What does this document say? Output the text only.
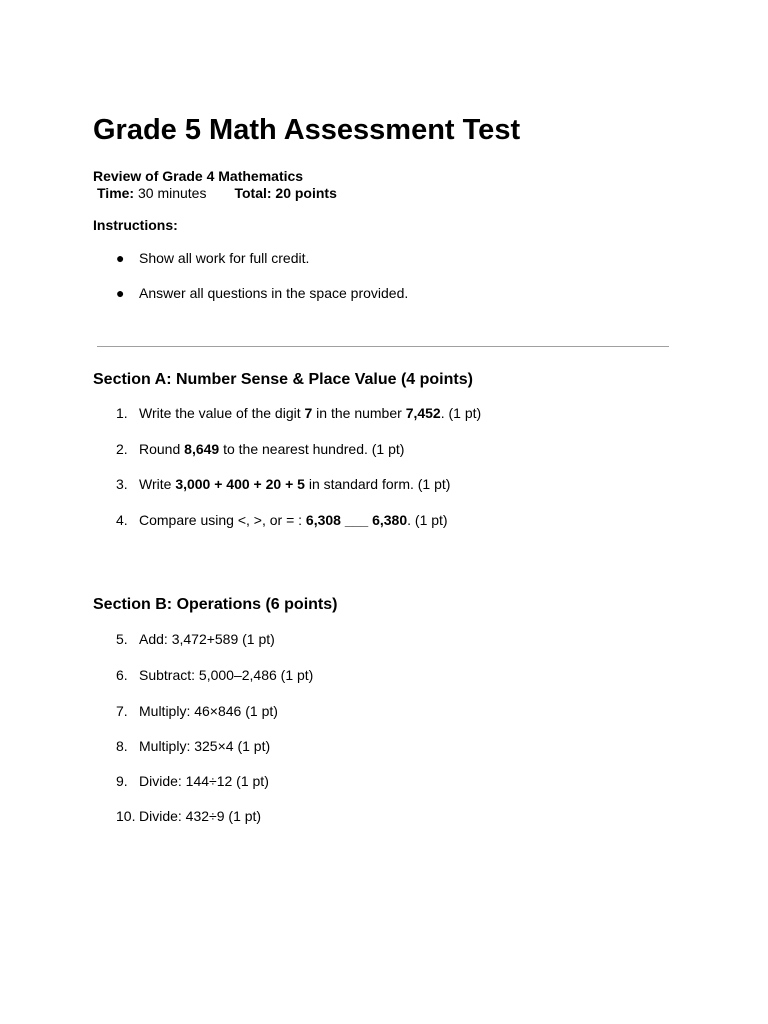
Grade 5 Math Assessment Test
Review of Grade 4 Mathematics
Time: 30 minutes Total: 20 points
Instructions:
● Show all work for full credit.
● Answer all questions in the space provided.
Section A: Number Sense & Place Value (4 points)
1. Write the value of the digit 7 in the number 7,452. (1 pt)
2. Round 8,649 to the nearest hundred. (1 pt)
3. Write 3,000 + 400 + 20 + 5 in standard form. (1 pt)
4. Compare using <, >, or = : 6,308 ___ 6,380. (1 pt)
Section B: Operations (6 points)
5. Add: 3,472+589 (1 pt)
6. Subtract: 5,000–2,486 (1 pt)
7. Multiply: 46×846 (1 pt)
8. Multiply: 325×4 (1 pt)
9. Divide: 144÷12 (1 pt)
10. Divide: 432÷9 (1 pt)
